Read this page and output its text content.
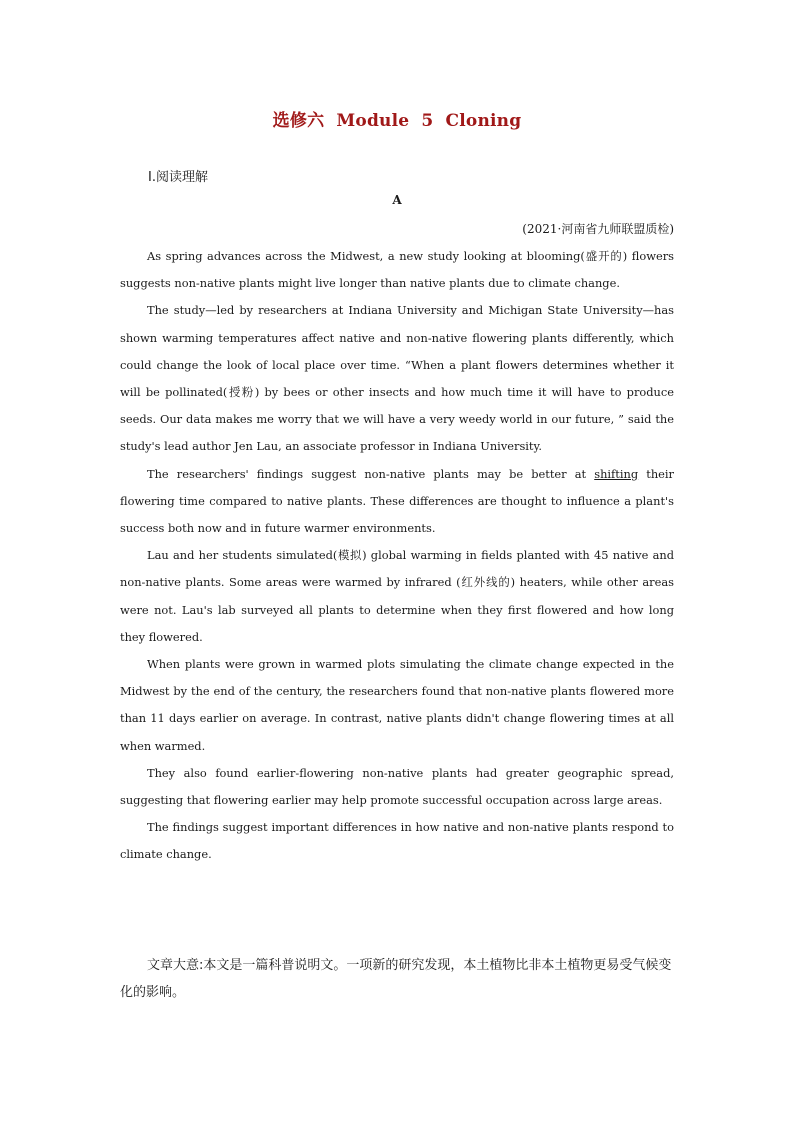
选修六 Module 5 Cloning
Ⅰ.阅读理解
A
(2021·河南省九师联盟质检)

As spring advances across the Midwest, a new study looking at blooming(盛开的) flowers suggests non-native plants might live longer than native plants due to climate change.

The study—led by researchers at Indiana University and Michigan State University—has shown warming temperatures affect native and non-native flowering plants differently, which could change the look of local place over time. “When a plant flowers determines whether it will be pollinated(授粉) by bees or other insects and how much time it will have to produce seeds. Our data makes me worry that we will have a very weedy world in our future, ” said the study's lead author Jen Lau, an associate professor in Indiana University.

The researchers' findings suggest non-native plants may be better at shifting their flowering time compared to native plants. These differences are thought to influence a plant's success both now and in future warmer environments.

Lau and her students simulated(模拟) global warming in fields planted with 45 native and non-native plants. Some areas were warmed by infrared (红外线的) heaters, while other areas were not. Lau's lab surveyed all plants to determine when they first flowered and how long they flowered.

When plants were grown in warmed plots simulating the climate change expected in the Midwest by the end of the century, the researchers found that non-native plants flowered more than 11 days earlier on average. In contrast, native plants didn't change flowering times at all when warmed.

They also found earlier-flowering non-native plants had greater geographic spread, suggesting that flowering earlier may help promote successful occupation across large areas.

The findings suggest important differences in how native and non-native plants respond to climate change.

文章大意:本文是一篇科普说明文。一项新的研究发现，本土植物比非本土植物更易受气候变化的影响。
